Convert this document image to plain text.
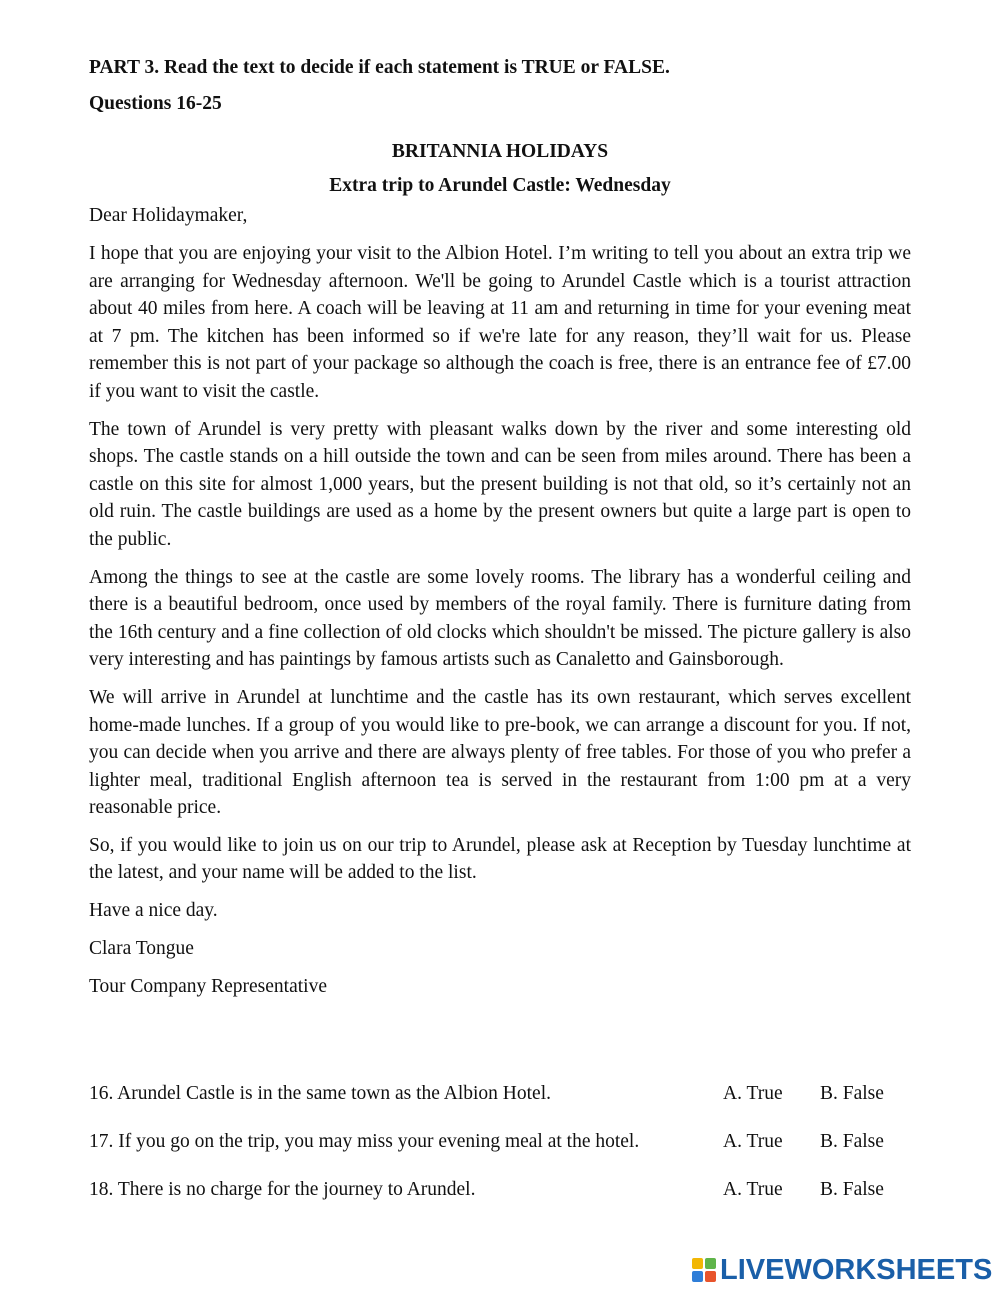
PART 3. Read the text to decide if each statement is TRUE or FALSE.

Questions 16-25

BRITANNIA HOLIDAYS

Extra trip to Arundel Castle: Wednesday

Dear Holidaymaker,

I hope that you are enjoying your visit to the Albion Hotel. I’m writing to tell you about an extra trip we are arranging for Wednesday afternoon. We'll be going to Arundel Castle which is a tourist attraction about 40 miles from here. A coach will be leaving at 11 am and returning in time for your evening meat at 7 pm. The kitchen has been informed so if we're late for any reason, they’ll wait for us. Please remember this is not part of your package so although the coach is free, there is an entrance fee of £7.00 if you want to visit the castle.

The town of Arundel is very pretty with pleasant walks down by the river and some interesting old shops. The castle stands on a hill outside the town and can be seen from miles around. There has been a castle on this site for almost 1,000 years, but the present building is not that old, so it’s certainly not an old ruin. The castle buildings are used as a home by the present owners but quite a large part is open to the public.

Among the things to see at the castle are some lovely rooms. The library has a wonderful ceiling and there is a beautiful bedroom, once used by members of the royal family. There is furniture dating from the 16th century and a fine collection of old clocks which shouldn't be missed. The picture gallery is also very interesting and has paintings by famous artists such as Canaletto and Gainsborough.

We will arrive in Arundel at lunchtime and the castle has its own restaurant, which serves excellent home-made lunches. If a group of you would like to pre-book, we can arrange a discount for you. If not, you can decide when you arrive and there are always plenty of free tables. For those of you who prefer a lighter meal, traditional English afternoon tea is served in the restaurant from 1:00 pm at a very reasonable price.

So, if you would like to join us on our trip to Arundel, please ask at Reception by Tuesday lunchtime at the latest, and your name will be added to the list.

Have a nice day.

Clara Tongue

Tour Company Representative

16. Arundel Castle is in the same town as the Albion Hotel.	A. True B. False
17. If you go on the trip, you may miss your evening meal at the hotel.	A. True B. False
18. There is no charge for the journey to Arundel.	A. True B. False
LIVEWORKSHEETS
